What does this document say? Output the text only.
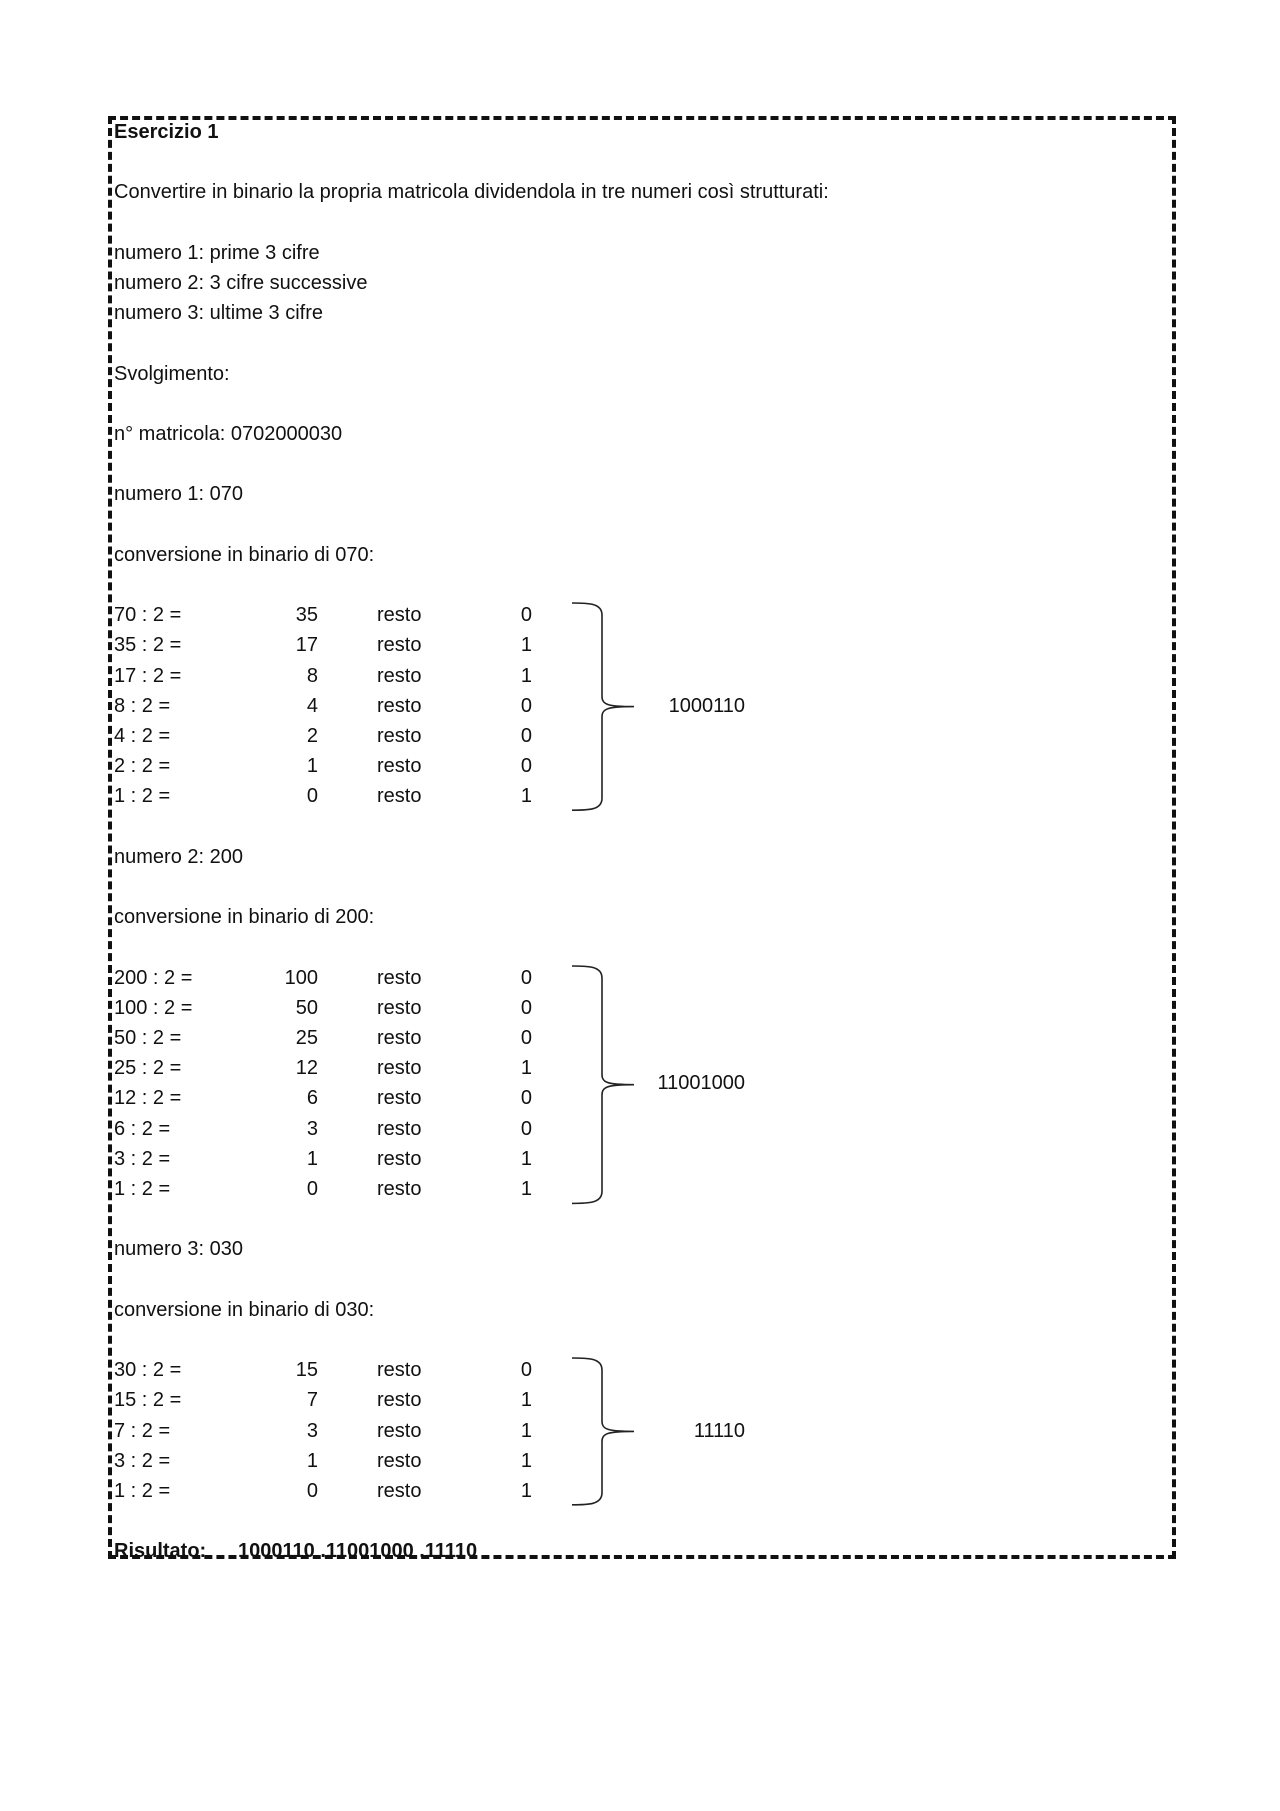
Esercizio 1
Convertire in binario la propria matricola dividendola in tre numeri così strutturati:
numero 1: prime 3 cifre
numero 2: 3 cifre successive
numero 3: ultime 3 cifre
Svolgimento:
n° matricola: 0702000030
numero 1: 070
conversione in binario di 070:
70 : 2 =	35	resto	0
35 : 2 =	17	resto	1
17 : 2 =	8	resto	1
8 : 2 =	4	resto	0
4 : 2 =	2	resto	0
2 : 2 =	1	resto	0
1 : 2 =	0	resto	1
1000110
numero 2: 200
conversione in binario di 200:
200 : 2 =	100	resto	0
100 : 2 =	50	resto	0
50 : 2 =	25	resto	0
25 : 2 =	12	resto	1
12 : 2 =	6	resto	0
6 : 2 =	3	resto	0
3 : 2 =	1	resto	1
1 : 2 =	0	resto	1
11001000
numero 3: 030
conversione in binario di 030:
30 : 2 =	15	resto	0
15 : 2 =	7	resto	1
7 : 2 =	3	resto	1
3 : 2 =	1	resto	1
1 : 2 =	0	resto	1
11110
Risultato: 1000110 .11001000 .11110
